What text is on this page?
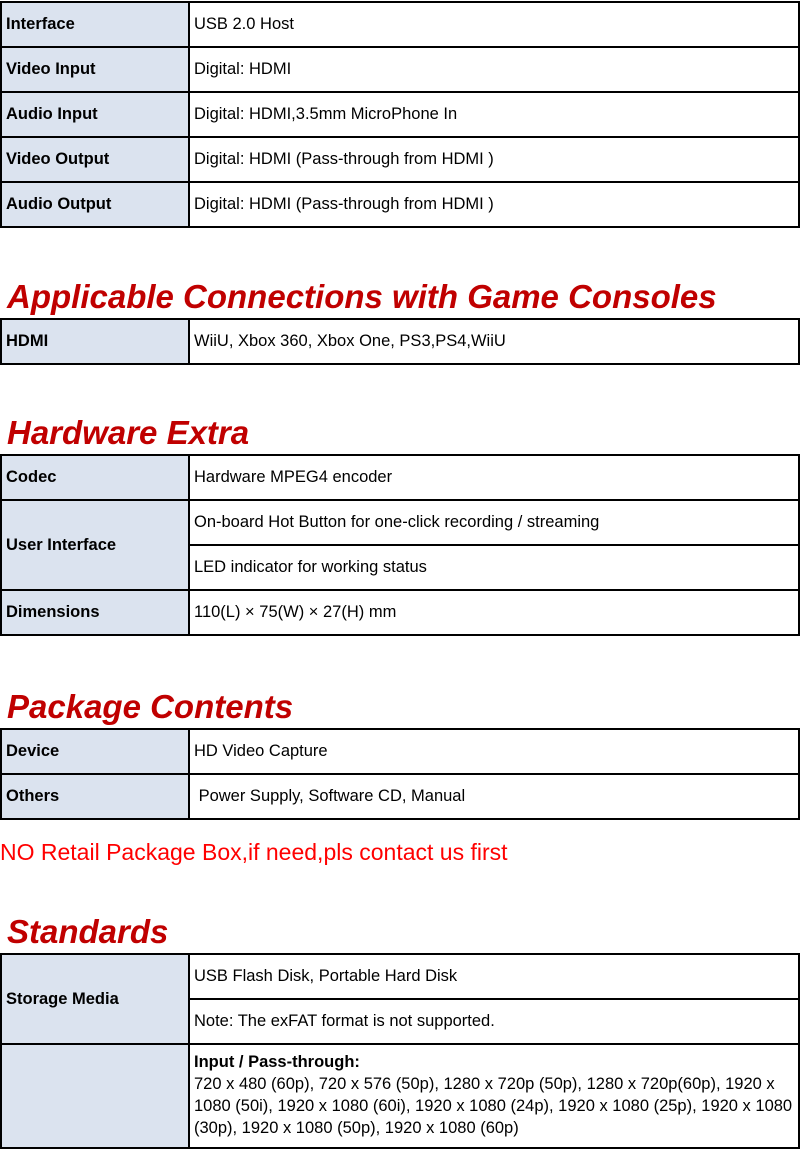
Interface	USB 2.0 Host
Video Input	Digital: HDMI
Audio Input	Digital: HDMI,3.5mm MicroPhone In
Video Output	Digital: HDMI (Pass-through from HDMI )
Audio Output	Digital: HDMI (Pass-through from HDMI )
Applicable Connections with Game Consoles
HDMI	WiiU, Xbox 360, Xbox One, PS3,PS4,WiiU
Hardware Extra
Codec	Hardware MPEG4 encoder
User Interface	On-board Hot Button for one-click recording / streaming
	LED indicator for working status
Dimensions	110(L) × 75(W) × 27(H) mm
Package Contents
Device	HD Video Capture
Others	Power Supply, Software CD, Manual
NO Retail Package Box,if need,pls contact us first
Standards
Storage Media	USB Flash Disk, Portable Hard Disk
	Note: The exFAT format is not supported.

	Input / Pass-through:
720 x 480 (60p), 720 x 576 (50p), 1280 x 720p (50p), 1280 x 720p(60p), 1920 x 1080 (50i), 1920 x 1080 (60i), 1920 x 1080 (24p), 1920 x 1080 (25p), 1920 x 1080 (30p), 1920 x 1080 (50p), 1920 x 1080 (60p)
